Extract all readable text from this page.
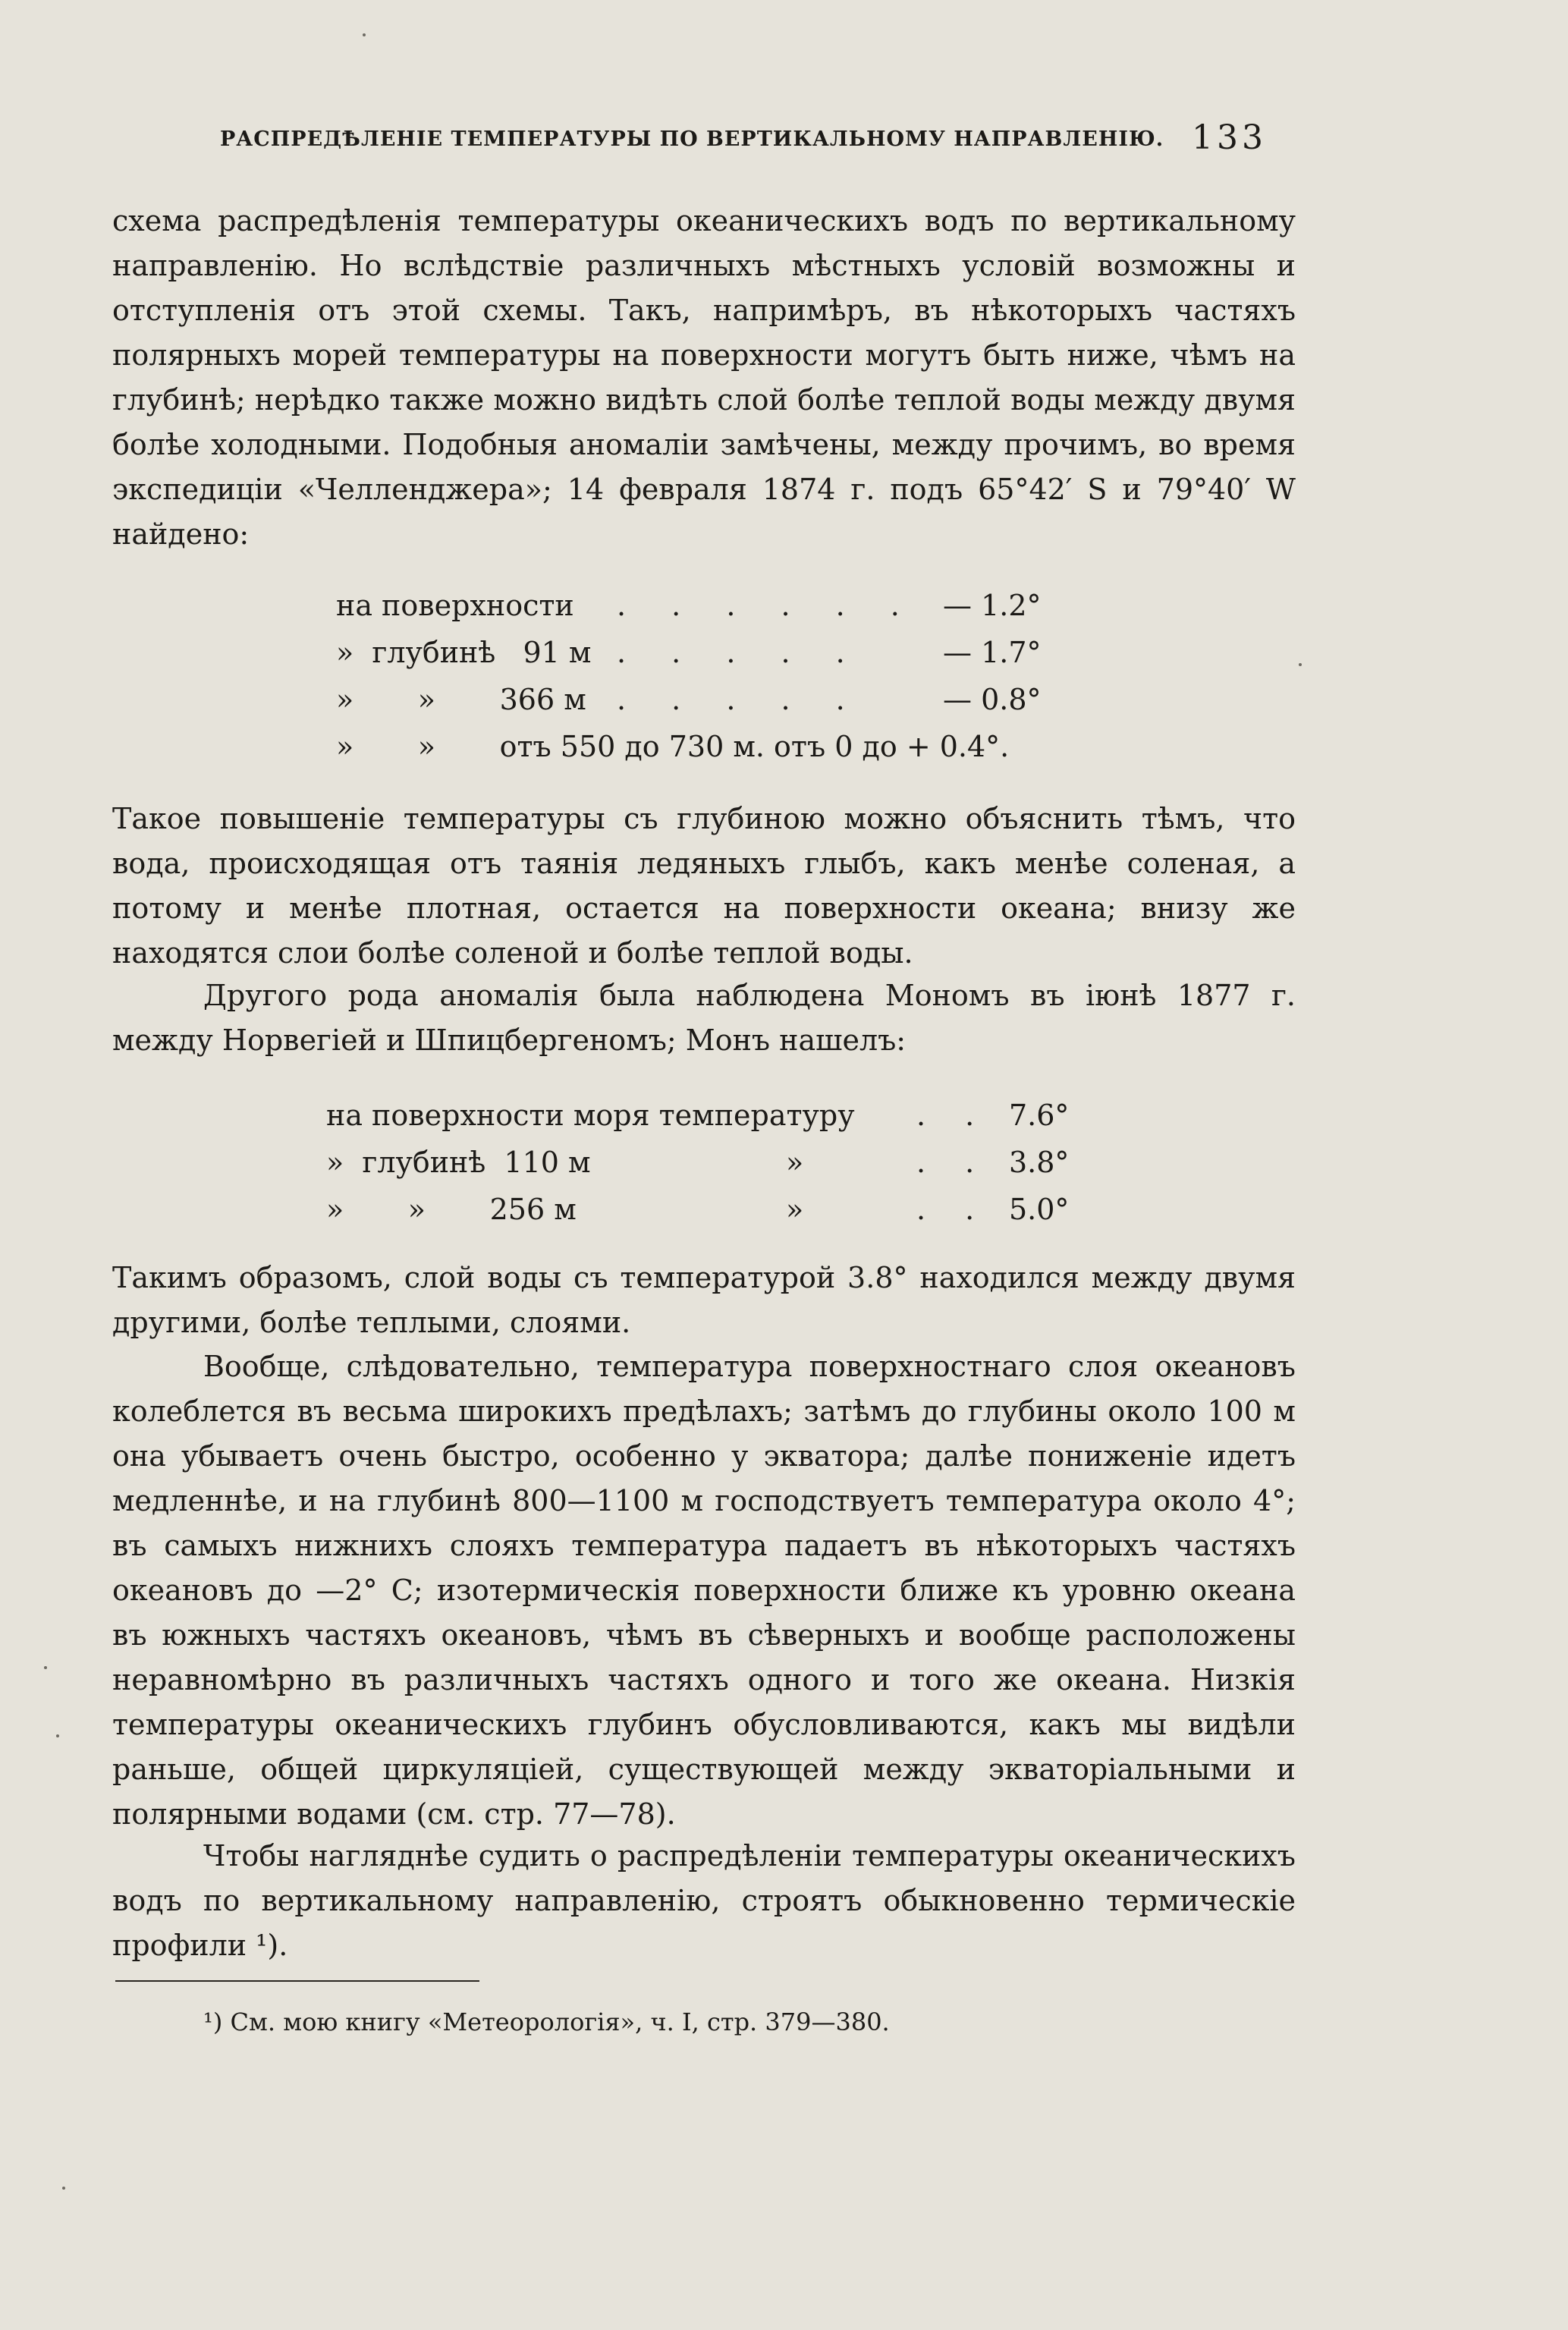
РАСПРЕДѢЛЕНІЕ ТЕМПЕРАТУРЫ ПО ВЕРТИКАЛЬНОМУ НАПРАВЛЕНІЮ. 133
схема распредѣленія температуры океаническихъ водъ по вертикальному направленію. Но вслѣдствіе различныхъ мѣстныхъ условій возможны и отступленія отъ этой схемы. Такъ, напримѣръ, въ нѣкоторыхъ частяхъ полярныхъ морей температуры на поверхности могутъ быть ниже, чѣмъ на глубинѣ; нерѣдко также можно видѣть слой болѣе теплой воды между двумя болѣе холодными. Подобныя аномаліи замѣчены, между прочимъ, во время экспедиціи «Челленджера»; 14 февраля 1874 г. подъ 65°42′ S и 79°40′ W найдено:
на поверхности . . . . . . — 1.2°
»  глубинѣ   91 м . . . . .	— 1.7°
»       »       366 м . . . . .	— 0.8°
»       »       отъ 550 до 730 м. отъ 0 до + 0.4°.
Такое повышеніе температуры съ глубиною можно объяснить тѣмъ, что вода, происходящая отъ таянія ледяныхъ глыбъ, какъ менѣе соленая, а потому и менѣе плотная, остается на поверхности океана; внизу же находятся слои болѣе соленой и болѣе теплой воды.
Другого рода аномалія была наблюдена Мономъ въ іюнѣ 1877 г. между Норвегіей и Шпицбергеномъ; Монъ нашелъ:
на поверхности моря температуру . . 7.6°
»  глубинѣ  110 м	»	. . 3.8°
»       »       256 м	»	. . 5.0°
Такимъ образомъ, слой воды съ температурой 3.8° находился между двумя другими, болѣе теплыми, слоями.
Вообще, слѣдовательно, температура поверхностнаго слоя океановъ колеблется въ весьма широкихъ предѣлахъ; затѣмъ до глубины около 100 м она убываетъ очень быстро, особенно у экватора; далѣе пониженіе идетъ медленнѣе, и на глубинѣ 800—1100 м господствуетъ температура около 4°; въ самыхъ нижнихъ слояхъ температура падаетъ въ нѣкоторыхъ частяхъ океановъ до —2° C; изотермическія поверхности ближе къ уровню океана въ южныхъ частяхъ океановъ, чѣмъ въ сѣверныхъ и вообще расположены неравномѣрно въ различныхъ частяхъ одного и того же океана. Низкія температуры океаническихъ глубинъ обусловливаются, какъ мы видѣли раньше, общей циркуляціей, существующей между экваторіальными и полярными водами (см. стр. 77—78).
Чтобы нагляднѣе судить о распредѣленіи температуры океаническихъ водъ по вертикальному направленію, строятъ обыкновенно термическіе профили ¹).
¹) См. мою книгу «Метеорологія», ч. I, стр. 379—380.
